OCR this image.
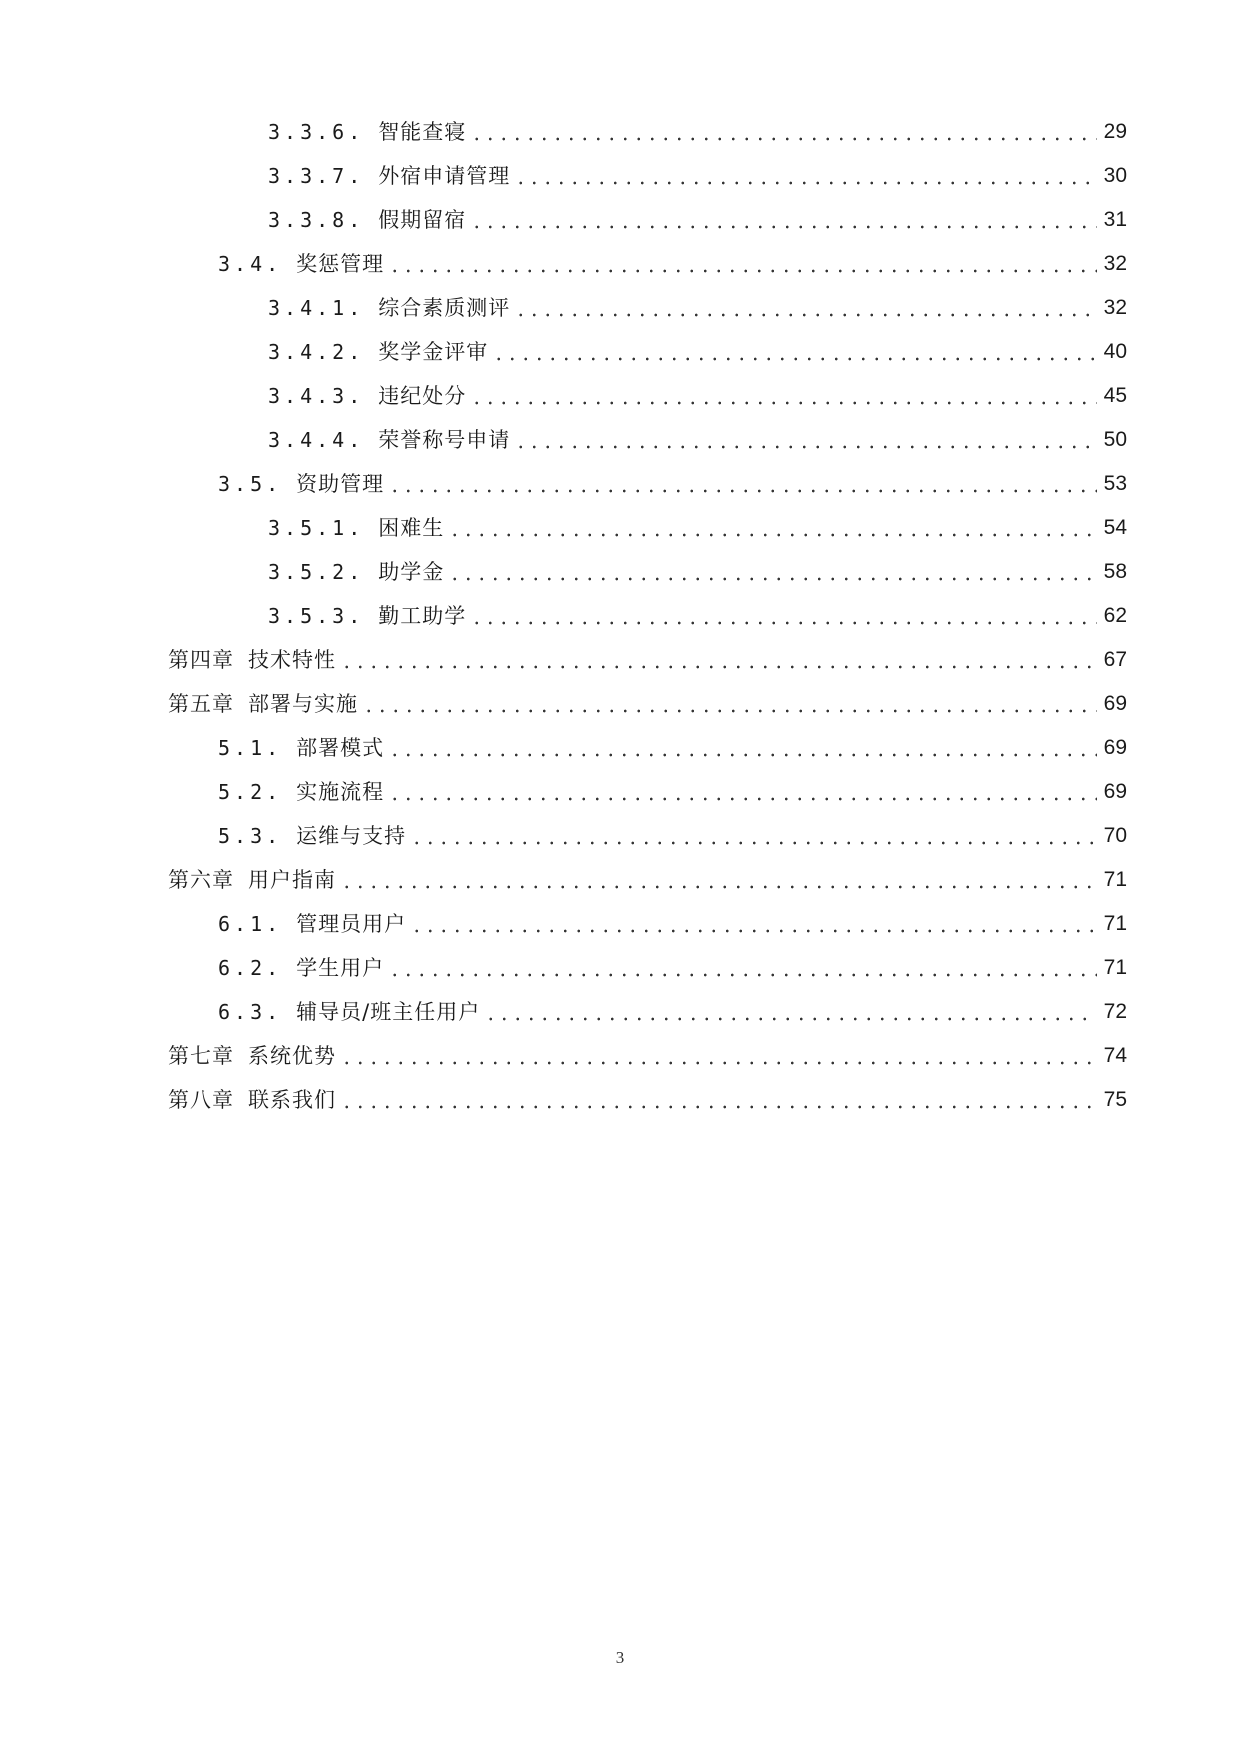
3.3.6. 智能查寝	29
3.3.7. 外宿申请管理	30
3.3.8. 假期留宿	31
3.4. 奖惩管理	32
3.4.1. 综合素质测评	32
3.4.2. 奖学金评审	40
3.4.3. 违纪处分	45
3.4.4. 荣誉称号申请	50
3.5. 资助管理	53
3.5.1. 困难生	54
3.5.2. 助学金	58
3.5.3. 勤工助学	62
第四章 技术特性	67
第五章 部署与实施	69
5.1. 部署模式	69
5.2. 实施流程	69
5.3. 运维与支持	70
第六章 用户指南	71
6.1. 管理员用户	71
6.2. 学生用户	71
6.3. 辅导员/班主任用户	72
第七章 系统优势	74
第八章 联系我们	75
3
